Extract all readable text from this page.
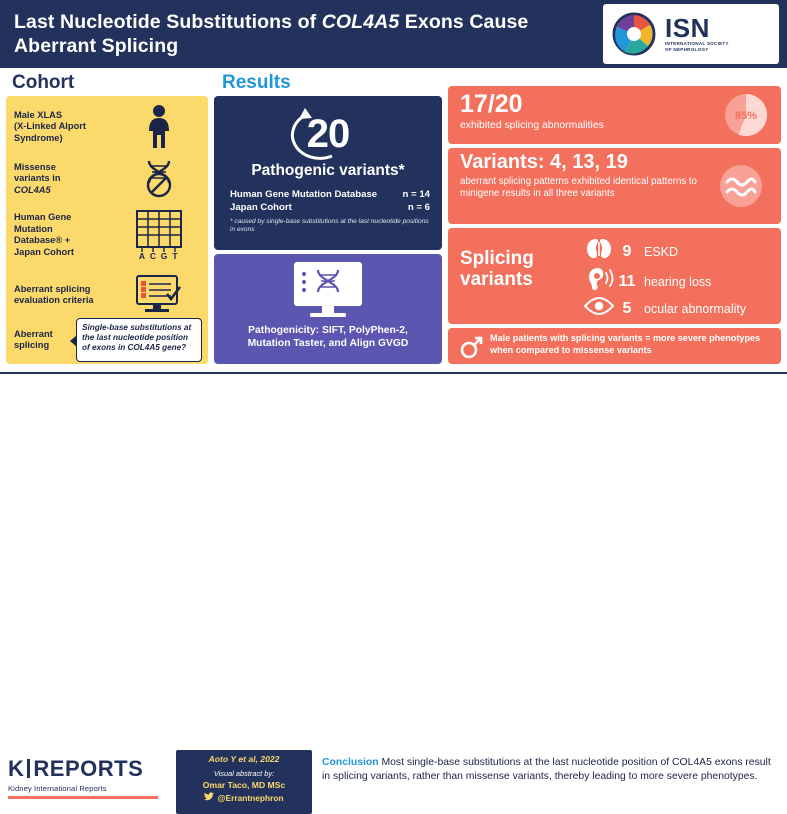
Last Nucleotide Substitutions of COL4A5 Exons Cause Aberrant Splicing
ISN
INTERNATIONAL SOCIETY
OF NEPHROLOGY
Cohort	Results
Male XLAS
(X-Linked Alport
Syndrome)
Missense
variants in
COL4A5
Human Gene
Mutation
Database® +
Japan Cohort	A C G T
Aberrant splicing
evaluation criteria
Aberrant
splicing
Single-base substitutions at the last nucleotide position of exons in COL4A5 gene?
20
Pathogenic variants*
Human Gene Mutation Database	n = 14
Japan Cohort	n = 6
* caused by single-base substitutions at the last nucleotide positions in exons
Pathogenicity: SIFT, PolyPhen-2,
Mutation Taster, and Align GVGD
17/20
exhibited splicing abnormalities
85%
Variants: 4, 13, 19
aberrant splicing patterns exhibited identical patterns to minigene results in all three variants
Splicing
variants
9	ESKD
11 hearing loss
5	ocular abnormality
Male patients with splicing variants = more severe phenotypes when compared to missense variants
K REPORTS
Kidney International Reports
Aoto Y et al, 2022
Visual abstract by:
Omar Taco, MD MSc
@Errantnephron
Conclusion Most single-base substitutions at the last nucleotide position of COL4A5 exons result in splicing variants, rather than missense variants, thereby leading to more severe phenotypes.
